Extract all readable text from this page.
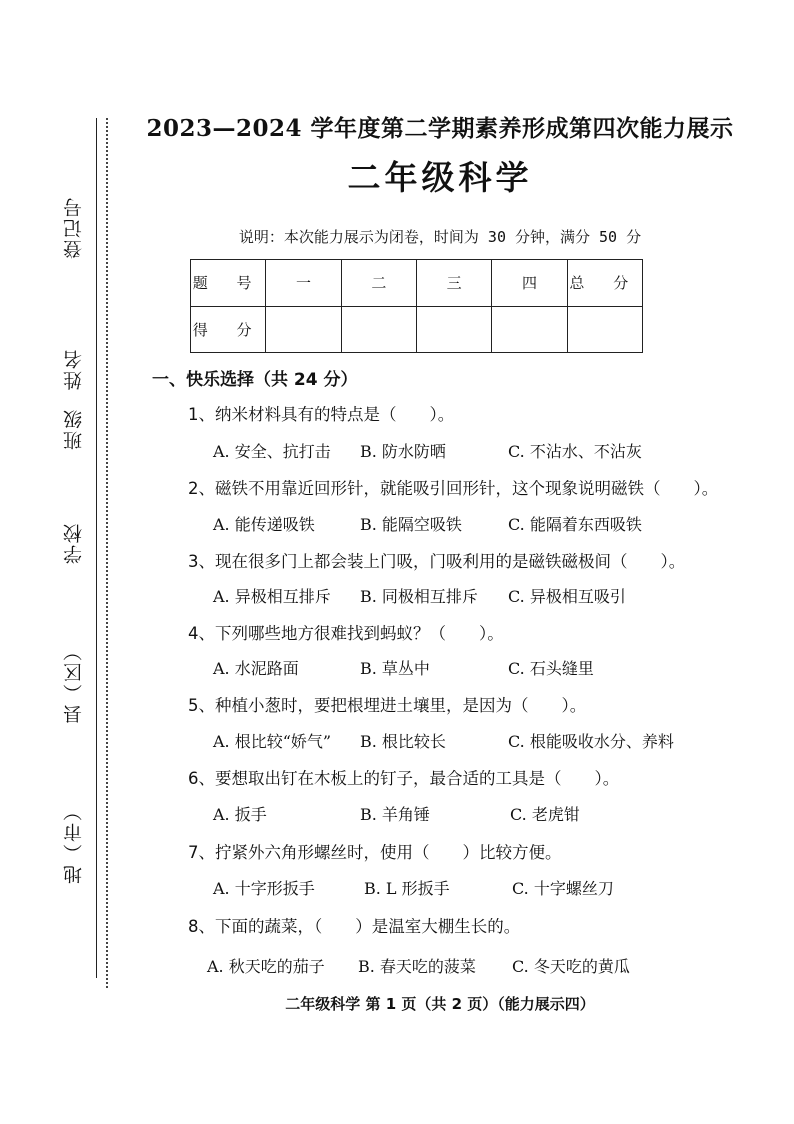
登记号
姓名
班级
学校
县（区）
地（市）
2023—2024 学年度第二学期素养形成第四次能力展示
二年级科学
说明：本次能力展示为闭卷，时间为 30 分钟，满分 50 分
题 号	一	二	三	四	总 分
得 分					
一、快乐选择（共 24 分）
1、纳米材料具有的特点是（　　）。
A. 安全、抗打击 B. 防水防晒	C. 不沾水、不沾灰
2、磁铁不用靠近回形针，就能吸引回形针，这个现象说明磁铁（　　）。
A. 能传递吸铁	B. 能隔空吸铁	C. 能隔着东西吸铁
3、现在很多门上都会装上门吸，门吸利用的是磁铁磁极间（　　）。
A. 异极相互排斥 B. 同极相互排斥 C. 异极相互吸引
4、下列哪些地方很难找到蚂蚁？（　　）。
A. 水泥路面	B. 草丛中	C. 石头缝里
5、种植小葱时，要把根埋进土壤里，是因为（　　）。
A. 根比较“娇气” B. 根比较长	C. 根能吸收水分、养料
6、要想取出钉在木板上的钉子，最合适的工具是（　　）。
A. 扳手	B. 羊角锤	C. 老虎钳
7、拧紧外六角形螺丝时，使用（　　）比较方便。
A. 十字形扳手	B. L 形扳手	C. 十字螺丝刀
8、下面的蔬菜，（　　）是温室大棚生长的。
A. 秋天吃的茄子 B. 春天吃的菠菜 C. 冬天吃的黄瓜
二年级科学 第 1 页（共 2 页）（能力展示四）
